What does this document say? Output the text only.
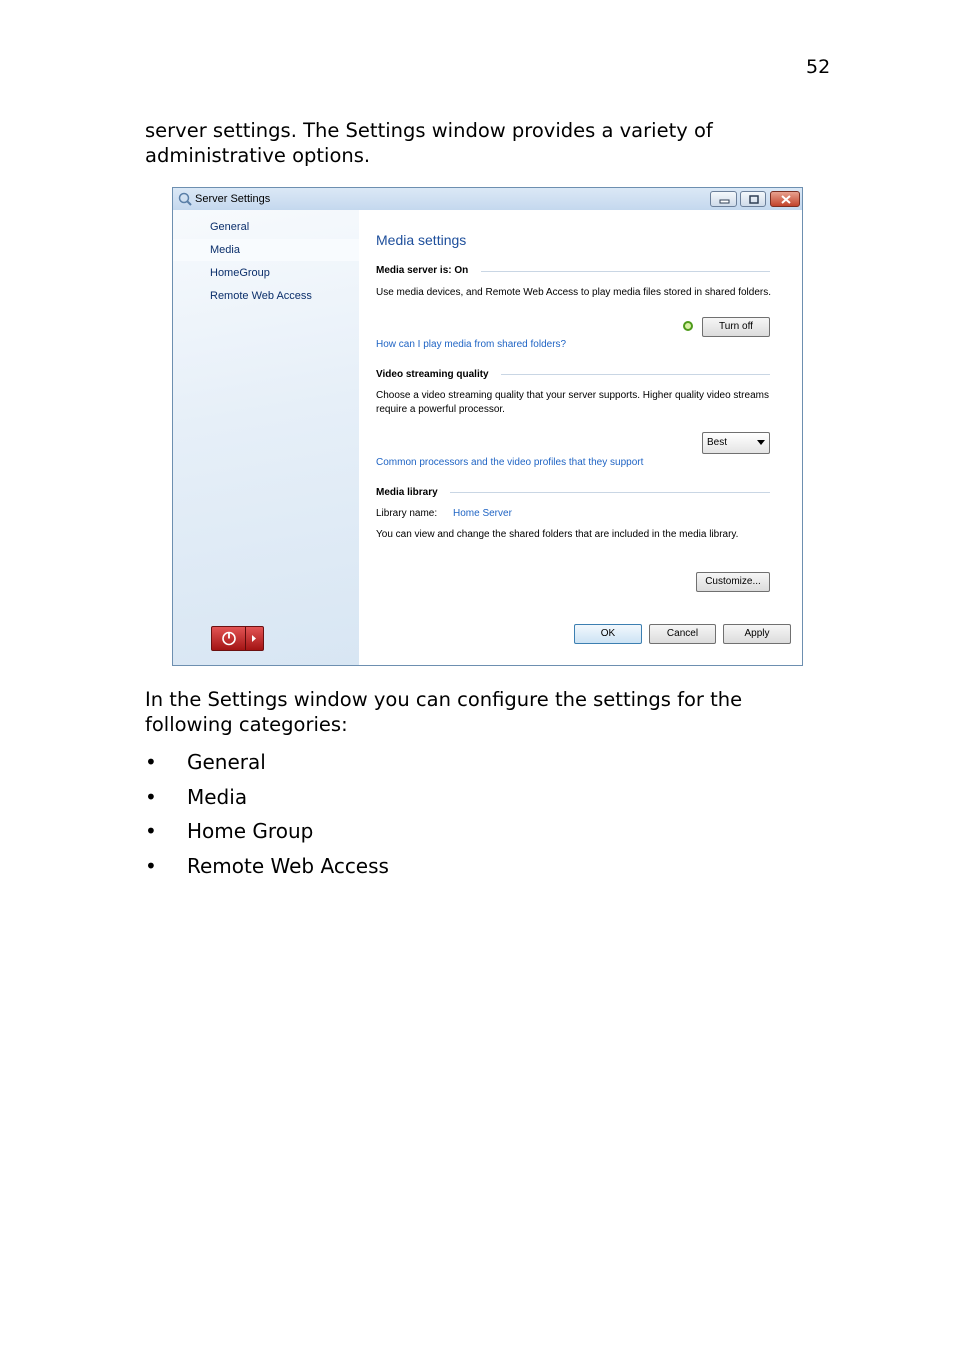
52

server settings. The Settings window provides a variety of administrative options.

Server Settings
General
Media
HomeGroup
Remote Web Access
Media settings
Media server is: On
Use media devices, and Remote Web Access to play media files stored in shared folders.
Turn off
How can I play media from shared folders?
Video streaming quality
Choose a video streaming quality that your server supports. Higher quality video streams require a powerful processor.
Best
Common processors and the video profiles that they support
Media library
Library name: Home Server
You can view and change the shared folders that are included in the media library.
Customize...
OK	Cancel	Apply

In the Settings window you can configure the settings for the following categories:

• General
• Media
• Home Group
• Remote Web Access
